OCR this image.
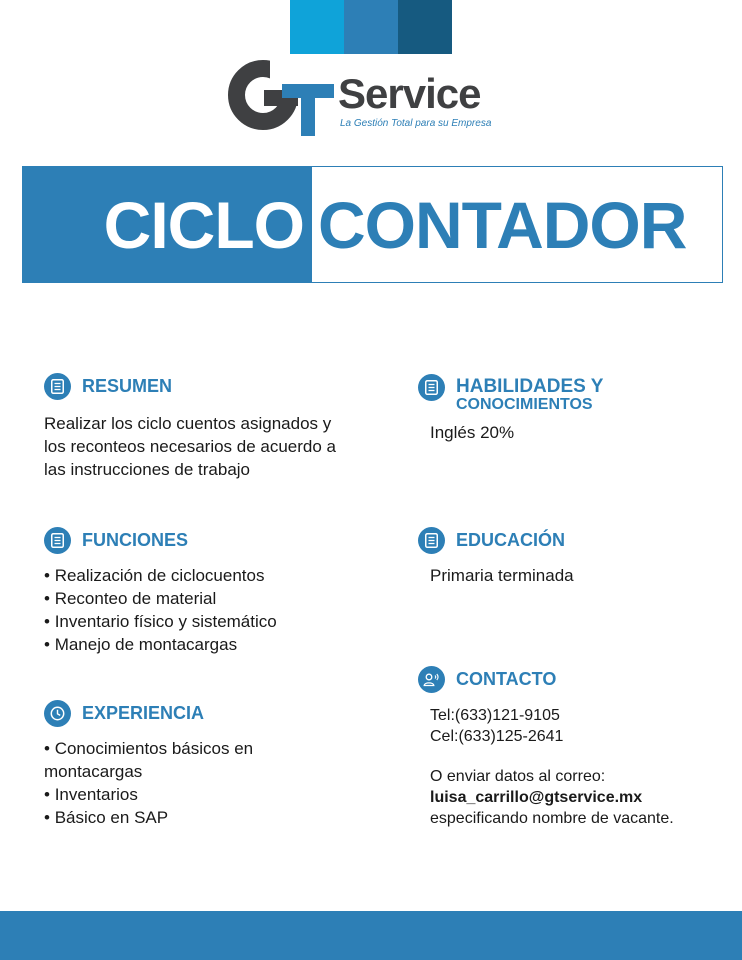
Service
La Gestión Total para su Empresa
CICLO CONTADOR
RESUMEN

Realizar los ciclo cuentos asignados y

los reconteos necesarios de acuerdo a

las instrucciones de trabajo

HABILIDADES Y
CONOCIMIENTOS
Inglés 20%
FUNCIONES
• Realización de ciclocuentos
• Reconteo de material
• Inventario físico y sistemático
• Manejo de montacargas
EDUCACIÓN
Primaria terminada
EXPERIENCIA

• Conocimientos básicos en

montacargas

• Inventarios

• Básico en SAP

CONTACTO

Tel:(633)121-9105

Cel:(633)125-2641

O enviar datos al correo:

luisa_carrillo@gtservice.mx

especificando nombre de vacante.
